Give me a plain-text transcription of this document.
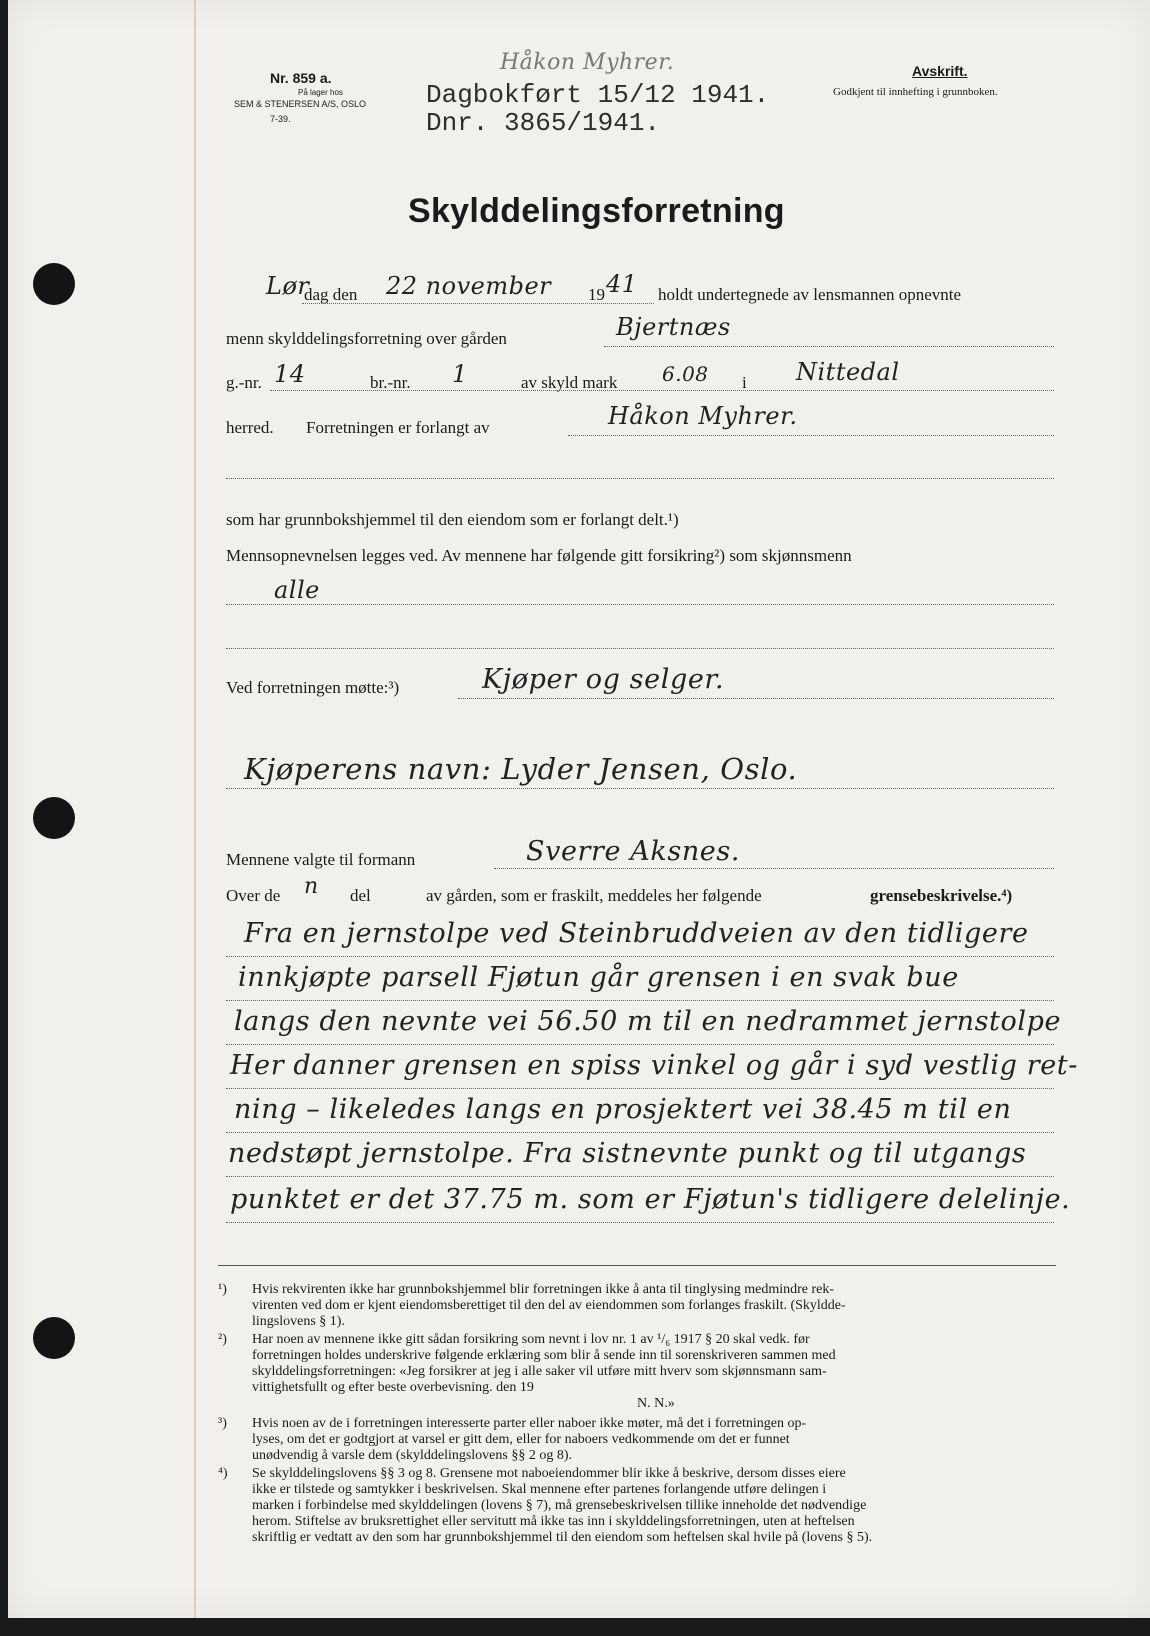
Nr. 859 a.
På lager hos
SEM & STENERSEN A/S, OSLO
7-39.
Håkon Myhrer.
Dagbokført 15/12 1941.
Dnr. 3865/1941.
Avskrift.
Godkjent til innhefting i grunnboken.
Skylddelingsforretning
Lør
dag den 22 november 19 41 holdt undertegnede av lensmannen opnevnte
menn skylddelingsforretning over gården	Bjertnæs
g.-nr. 14	br.-nr. 1	av skyld mark 6.08 i Nittedal
herred. Forretningen er forlangt av	Håkon Myhrer.
som har grunnbokshjemmel til den eiendom som er forlangt delt.¹)
Mennsopnevnelsen legges ved. Av mennene har følgende gitt forsikring²) som skjønnsmenn
alle
Ved forretningen møtte:³)	Kjøper og selger.
Kjøperens navn: Lyder Jensen, Oslo.
Mennene valgte til formann	Sverre Aksnes.
Over de n del	av gården, som er fraskilt, meddeles her følgende	grensebeskrivelse.⁴)
Fra en jernstolpe ved Steinbruddveien av den tidligere
innkjøpte parsell Fjøtun går grensen i en svak bue
langs den nevnte vei 56.50 m til en nedrammet jernstolpe
Her danner grensen en spiss vinkel og går i syd vestlig ret-
ning – likeledes langs en prosjektert vei 38.45 m til en
nedstøpt jernstolpe. Fra sistnevnte punkt og til utgangs
punktet er det 37.75 m. som er Fjøtun's tidligere delelinje.
¹) Hvis rekvirenten ikke har grunnbokshjemmel blir forretningen ikke å anta til tinglysing medmindre rek-
virenten ved dom er kjent eiendomsberettiget til den del av eiendommen som forlanges fraskilt. (Skyldde-
lingslovens § 1).
²) Har noen av mennene ikke gitt sådan forsikring som nevnt i lov nr. 1 av ¹/₆ 1917 § 20 skal vedk. før
forretningen holdes underskrive følgende erklæring som blir å sende inn til sorenskriveren sammen med
skylddelingsforretningen: «Jeg forsikrer at jeg i alle saker vil utføre mitt hverv som skjønnsmann sam-
vittighetsfullt og efter beste overbevisning. den 19
N. N.»
³) Hvis noen av de i forretningen interesserte parter eller naboer ikke møter, må det i forretningen op-
lyses, om det er godtgjort at varsel er gitt dem, eller for naboers vedkommende om det er funnet
unødvendig å varsle dem (skylddelingslovens §§ 2 og 8).
⁴) Se skylddelingslovens §§ 3 og 8. Grensene mot naboeiendommer blir ikke å beskrive, dersom disses eiere
ikke er tilstede og samtykker i beskrivelsen. Skal mennene efter partenes forlangende utføre delingen i
marken i forbindelse med skylddelingen (lovens § 7), må grensebeskrivelsen tillike inneholde det nødvendige
herom. Stiftelse av bruksrettighet eller servitutt må ikke tas inn i skylddelingsforretningen, uten at heftelsen
skriftlig er vedtatt av den som har grunnbokshjemmel til den eiendom som heftelsen skal hvile på (lovens § 5).
